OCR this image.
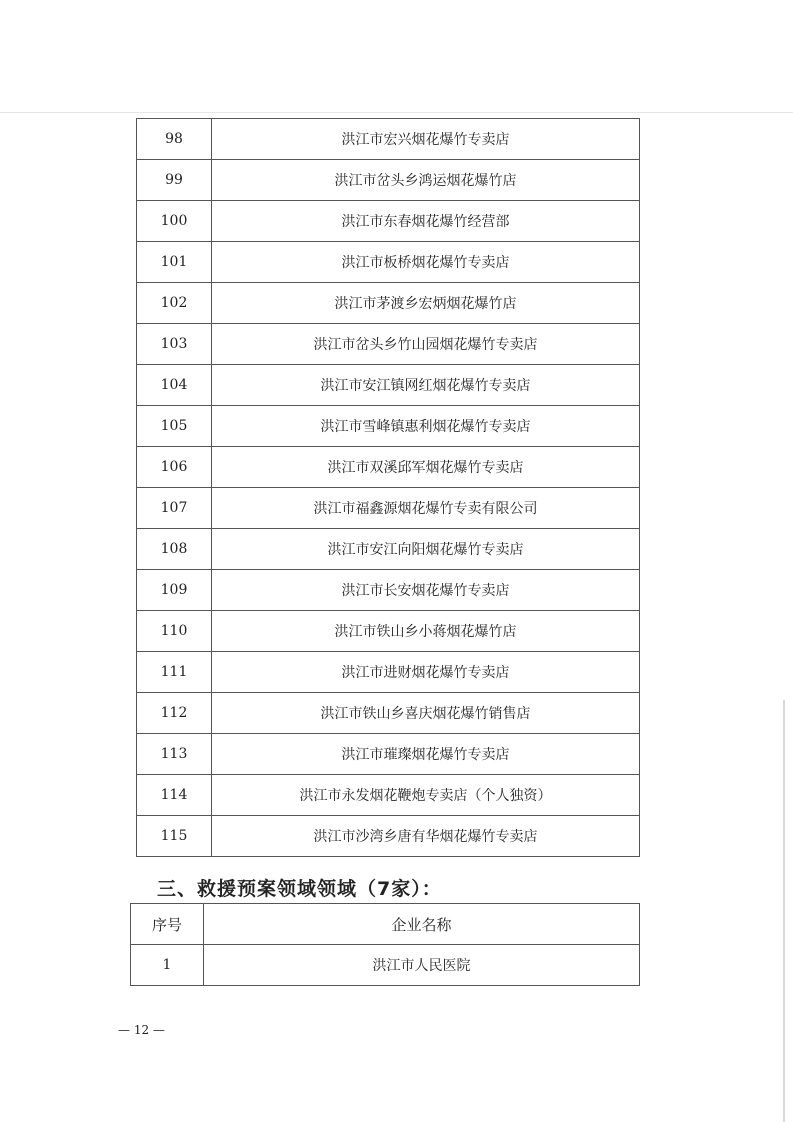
98	洪江市宏兴烟花爆竹专卖店
99	洪江市岔头乡鸿运烟花爆竹店
100	洪江市东春烟花爆竹经营部
101	洪江市板桥烟花爆竹专卖店
102	洪江市茅渡乡宏炳烟花爆竹店
103	洪江市岔头乡竹山园烟花爆竹专卖店
104	洪江市安江镇网红烟花爆竹专卖店
105	洪江市雪峰镇惠利烟花爆竹专卖店
106	洪江市双溪邱军烟花爆竹专卖店
107	洪江市福鑫源烟花爆竹专卖有限公司
108	洪江市安江向阳烟花爆竹专卖店
109	洪江市长安烟花爆竹专卖店
110	洪江市铁山乡小蒋烟花爆竹店
111	洪江市进财烟花爆竹专卖店
112	洪江市铁山乡喜庆烟花爆竹销售店
113	洪江市璀璨烟花爆竹专卖店
114	洪江市永发烟花鞭炮专卖店（个人独资）
115	洪江市沙湾乡唐有华烟花爆竹专卖店
三、救援预案领域领域（7家）：
序号	企业名称
1	洪江市人民医院
— 12 —
